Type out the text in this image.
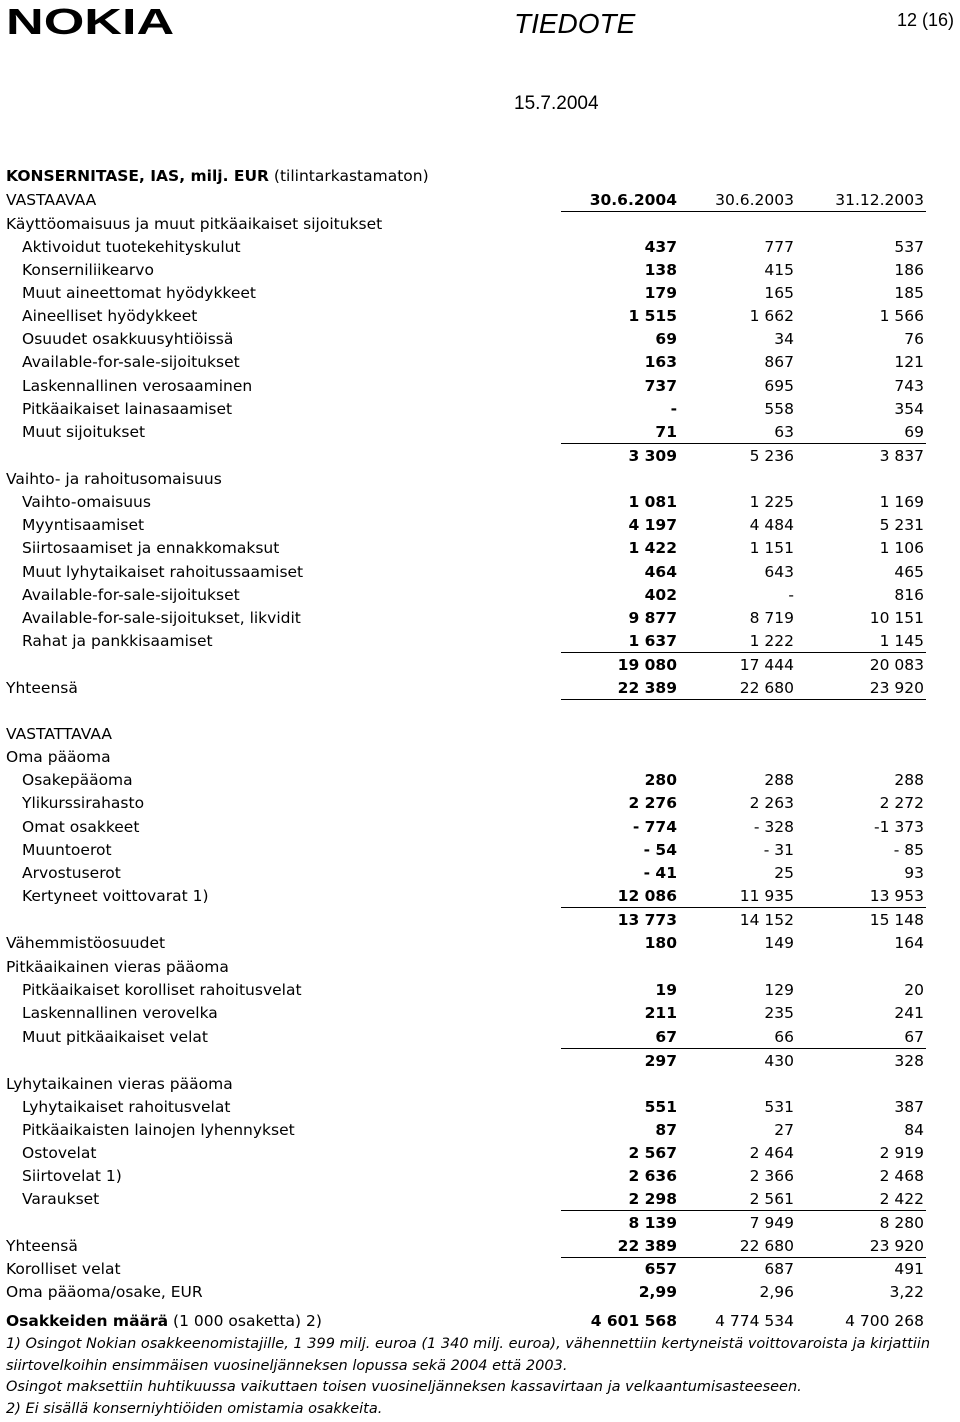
NOKIA	TIEDOTE	12 (16)
15.7.2004
KONSERNITASE, IAS, milj. EUR (tilintarkastamaton)
VASTAAVAA	30.6.2004	30.6.2003	31.12.2003
Käyttöomaisuus ja muut pitkäaikaiset sijoitukset
Aktivoidut tuotekehityskulut	437	777	537
Konserniliikearvo	138	415	186
Muut aineettomat hyödykkeet	179	165	185
Aineelliset hyödykkeet	1 515	1 662	1 566
Osuudet osakkuusyhtiöissä	69	34	76
Available-for-sale-sijoitukset	163	867	121
Laskennallinen verosaaminen	737	695	743
Pitkäaikaiset lainasaamiset	-	558	354
Muut sijoitukset	71	63	69
3 309	5 236	3 837
Vaihto- ja rahoitusomaisuus
Vaihto-omaisuus	1 081	1 225	1 169
Myyntisaamiset	4 197	4 484	5 231
Siirtosaamiset ja ennakkomaksut	1 422	1 151	1 106
Muut lyhytaikaiset rahoitussaamiset	464	643	465
Available-for-sale-sijoitukset	402	-	816
Available-for-sale-sijoitukset, likvidit	9 877	8 719	10 151
Rahat ja pankkisaamiset	1 637	1 222	1 145
19 080	17 444	20 083
Yhteensä	22 389	22 680	23 920
VASTATTAVAA
Oma pääoma
Osakepääoma	280	288	288
Ylikurssirahasto	2 276	2 263	2 272
Omat osakkeet	- 774	- 328	-1 373
Muuntoerot	- 54	- 31	- 85
Arvostuserot	- 41	25	93
Kertyneet voittovarat 1)	12 086	11 935	13 953
13 773	14 152	15 148
Vähemmistöosuudet	180	149	164
Pitkäaikainen vieras pääoma
Pitkäaikaiset korolliset rahoitusvelat	19	129	20
Laskennallinen verovelka	211	235	241
Muut pitkäaikaiset velat	67	66	67
297	430	328
Lyhytaikainen vieras pääoma
Lyhytaikaiset rahoitusvelat	551	531	387
Pitkäaikaisten lainojen lyhennykset	87	27	84
Ostovelat	2 567	2 464	2 919
Siirtovelat 1)	2 636	2 366	2 468
Varaukset	2 298	2 561	2 422
8 139	7 949	8 280
Yhteensä	22 389	22 680	23 920
Korolliset velat	657	687	491
Oma pääoma/osake, EUR	2,99	2,96	3,22
Osakkeiden määrä (1 000 osaketta) 2)	4 601 568	4 774 534	4 700 268
1) Osingot Nokian osakkeenomistajille, 1 399 milj. euroa (1 340 milj. euroa), vähennettiin kertyneistä voittovaroista ja kirjattiin
siirtovelkoihin ensimmäisen vuosineljänneksen lopussa sekä 2004 että 2003.
Osingot maksettiin huhtikuussa vaikuttaen toisen vuosineljänneksen kassavirtaan ja velkaantumisasteeseen.
2) Ei sisällä konserniyhtiöiden omistamia osakkeita.
